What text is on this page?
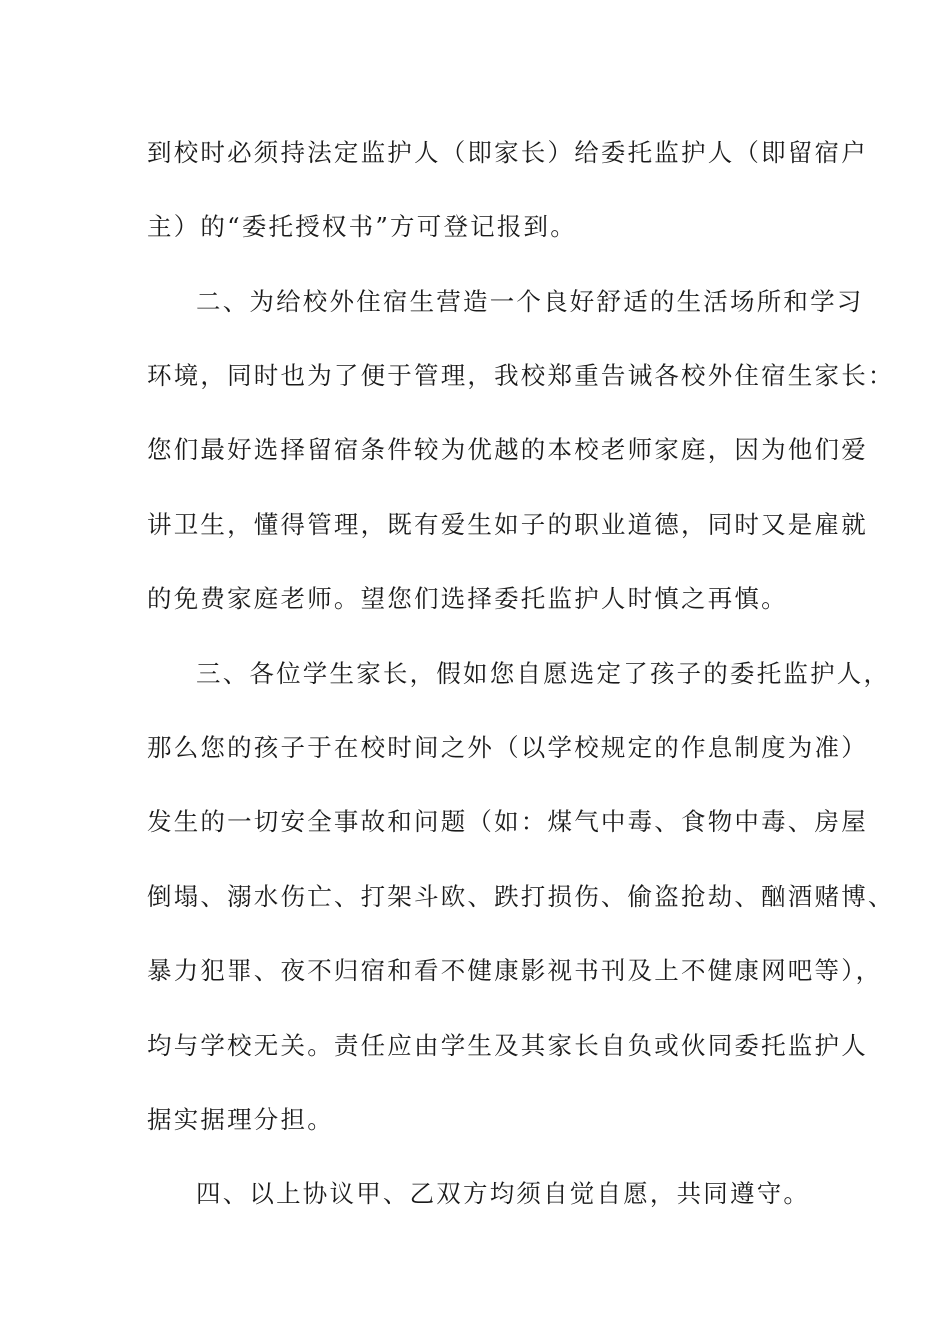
到校时必须持法定监护人（即家长）给委托监护人（即留宿户
主）的“委托授权书”方可登记报到。
二、为给校外住宿生营造一个良好舒适的生活场所和学习
环境，同时也为了便于管理，我校郑重告诫各校外住宿生家长：
您们最好选择留宿条件较为优越的本校老师家庭，因为他们爱
讲卫生，懂得管理，既有爱生如子的职业道德，同时又是雇就
的免费家庭老师。望您们选择委托监护人时慎之再慎。
三、各位学生家长，假如您自愿选定了孩子的委托监护人，
那么您的孩子于在校时间之外（以学校规定的作息制度为准）
发生的一切安全事故和问题（如：煤气中毒、食物中毒、房屋
倒塌、溺水伤亡、打架斗欧、跌打损伤、偷盗抢劫、酗酒赌博、
暴力犯罪、夜不归宿和看不健康影视书刊及上不健康网吧等），
均与学校无关。责任应由学生及其家长自负或伙同委托监护人
据实据理分担。
四、以上协议甲、乙双方均须自觉自愿，共同遵守。
